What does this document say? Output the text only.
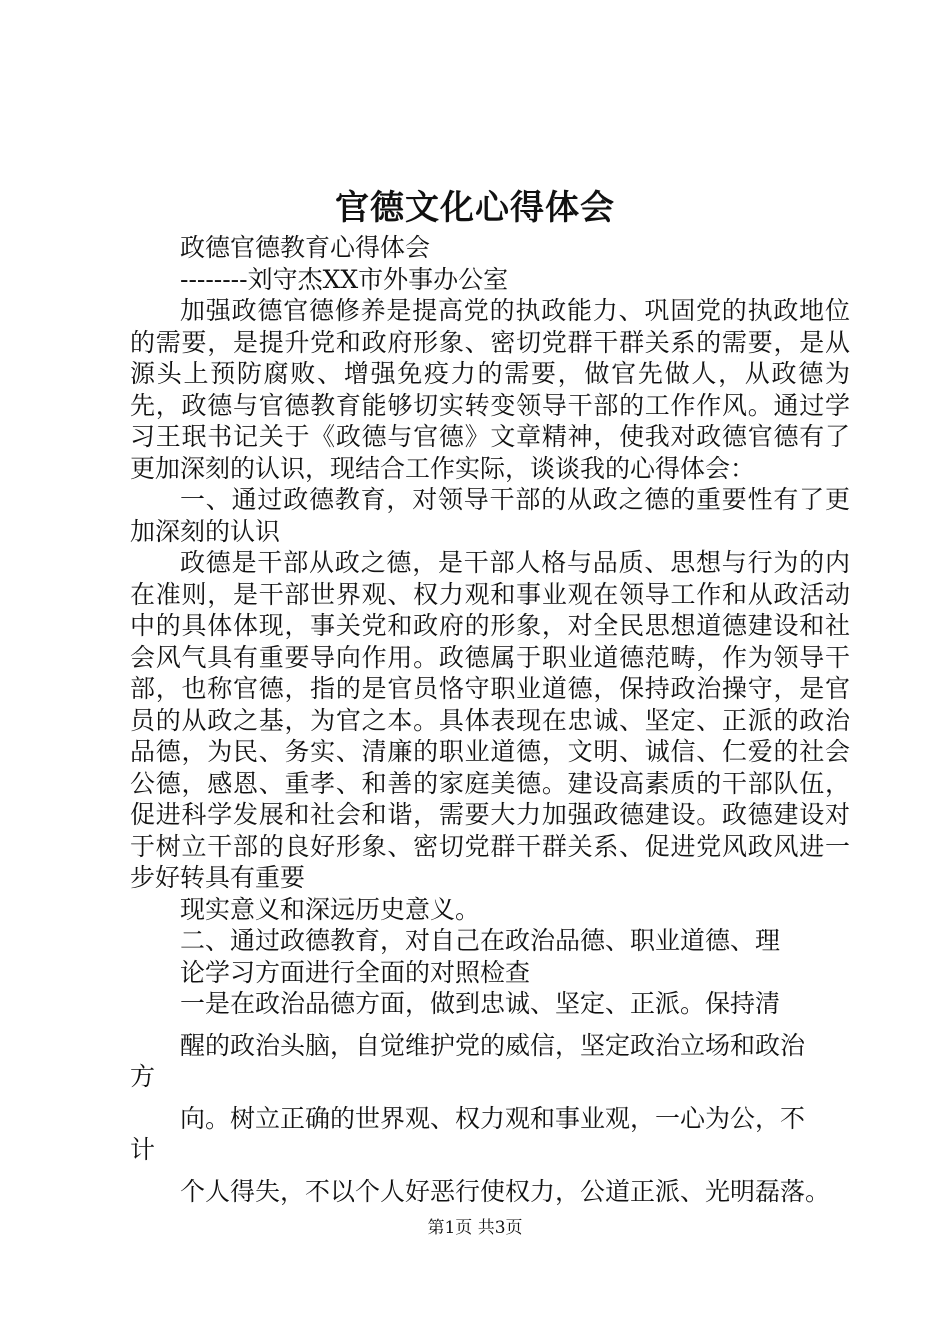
官德文化心得体会
政德官德教育心得体会
--------刘守杰XX市外事办公室
加强政德官德修养是提高党的执政能力、巩固党的执政地位的需要，是提升党和政府形象、密切党群干群关系的需要，是从源头上预防腐败、增强免疫力的需要，做官先做人，从政德为先，政德与官德教育能够切实转变领导干部的工作作风。通过学习王珉书记关于《政德与官德》文章精神，使我对政德官德有了更加深刻的认识，现结合工作实际，谈谈我的心得体会：
一、通过政德教育，对领导干部的从政之德的重要性有了更加深刻的认识
政德是干部从政之德，是干部人格与品质、思想与行为的内在准则，是干部世界观、权力观和事业观在领导工作和从政活动中的具体体现，事关党和政府的形象，对全民思想道德建设和社会风气具有重要导向作用。政德属于职业道德范畴，作为领导干部，也称官德，指的是官员恪守职业道德，保持政治操守，是官员的从政之基，为官之本。具体表现在忠诚、坚定、正派的政治品德，为民、务实、清廉的职业道德，文明、诚信、仁爱的社会公德，感恩、重孝、和善的家庭美德。建设高素质的干部队伍，促进科学发展和社会和谐，需要大力加强政德建设。政德建设对于树立干部的良好形象、密切党群干群关系、促进党风政风进一步好转具有重要
现实意义和深远历史意义。
二、通过政德教育，对自己在政治品德、职业道德、理
论学习方面进行全面的对照检查
一是在政治品德方面，做到忠诚、坚定、正派。保持清
醒的政治头脑，自觉维护党的威信，坚定政治立场和政治
方
向。树立正确的世界观、权力观和事业观，一心为公，不
计
个人得失，不以个人好恶行使权力，公道正派、光明磊落。
第1页 共3页
